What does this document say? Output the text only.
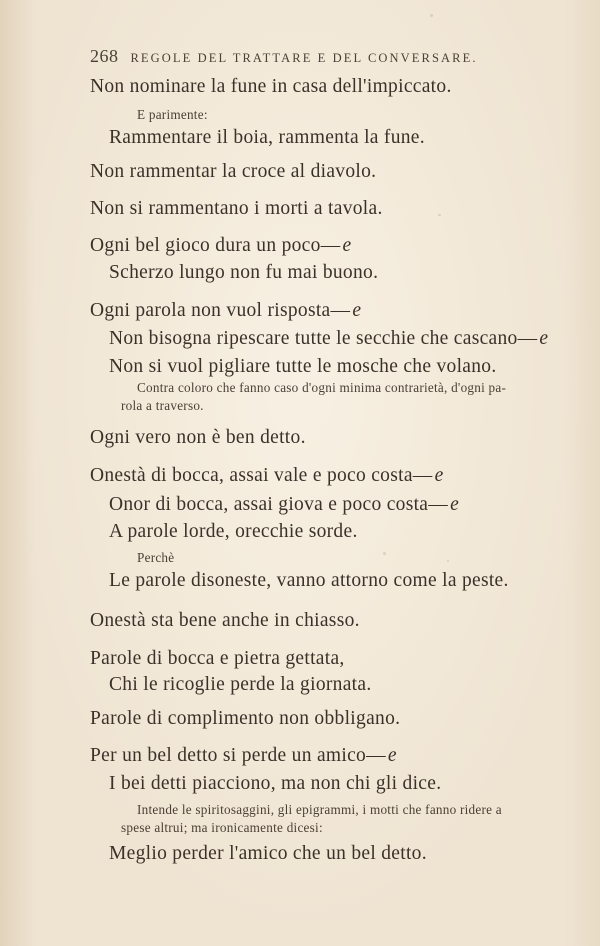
268 REGOLE DEL TRATTARE E DEL CONVERSARE.
Non nominare la fune in casa dell'impiccato.
E parimente:
Rammentare il boia, rammenta la fune.
Non rammentar la croce al diavolo.
Non si rammentano i morti a tavola.
Ogni bel gioco dura un poco— e
Scherzo lungo non fu mai buono.
Ogni parola non vuol risposta— e
Non bisogna ripescare tutte le secchie che cascano— e
Non si vuol pigliare tutte le mosche che volano.
Contra coloro che fanno caso d'ogni minima contrarietà, d'ogni pa-
rola a traverso.
Ogni vero non è ben detto.
Onestà di bocca, assai vale e poco costa— e
Onor di bocca, assai giova e poco costa— e
A parole lorde, orecchie sorde.
Perchè
Le parole disoneste, vanno attorno come la peste.
Onestà sta bene anche in chiasso.
Parole di bocca e pietra gettata,
Chi le ricoglie perde la giornata.
Parole di complimento non obbligano.
Per un bel detto si perde un amico— e
I bei detti piacciono, ma non chi gli dice.
Intende le spiritosaggini, gli epigrammi, i motti che fanno ridere a
spese altrui; ma ironicamente dicesi:
Meglio perder l'amico che un bel detto.
